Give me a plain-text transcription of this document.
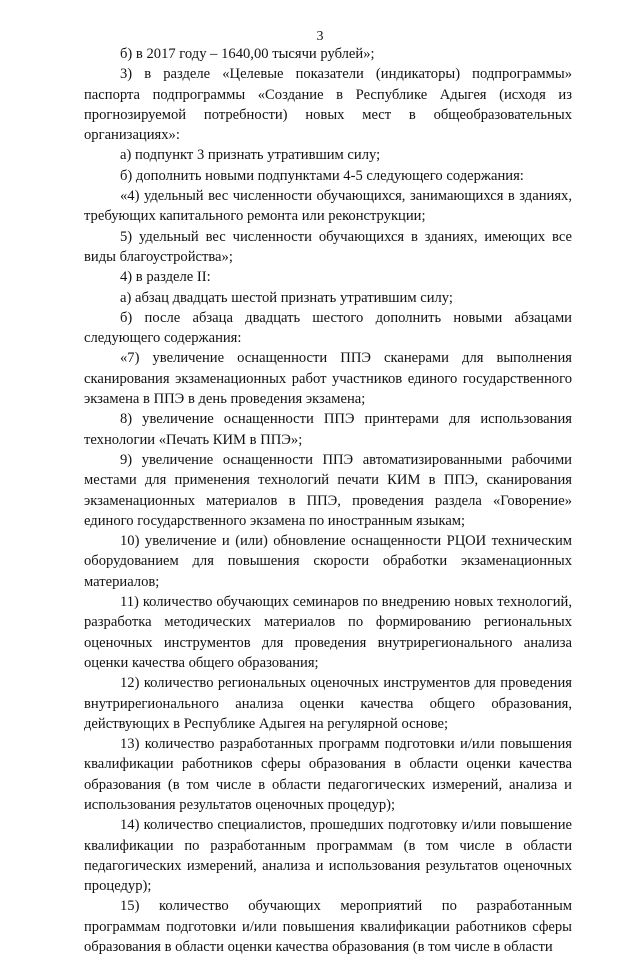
3

б) в 2017 году – 1640,00 тысячи рублей»;

3) в разделе «Целевые показатели (индикаторы) подпрограммы» паспорта подпрограммы «Создание в Республике Адыгея (исходя из прогнозируемой потребности) новых мест в общеобразовательных организациях»:

а) подпункт 3 признать утратившим силу;

б) дополнить новыми подпунктами 4-5 следующего содержания:

«4) удельный вес численности обучающихся, занимающихся в зданиях, требующих капитального ремонта или реконструкции;

5) удельный вес численности обучающихся в зданиях, имеющих все виды благоустройства»;

4) в разделе II:

а) абзац двадцать шестой признать утратившим силу;

б) после абзаца двадцать шестого дополнить новыми абзацами следующего содержания:

«7) увеличение оснащенности ППЭ сканерами для выполнения сканирования экзаменационных работ участников единого государственного экзамена в ППЭ в день проведения экзамена;

8) увеличение оснащенности ППЭ принтерами для использования технологии «Печать КИМ в ППЭ»;

9) увеличение оснащенности ППЭ автоматизированными рабочими местами для применения технологий печати КИМ в ППЭ, сканирования экзаменационных материалов в ППЭ, проведения раздела «Говорение» единого государственного экзамена по иностранным языкам;

10) увеличение и (или) обновление оснащенности РЦОИ техническим оборудованием для повышения скорости обработки экзаменационных материалов;

11) количество обучающих семинаров по внедрению новых технологий, разработка методических материалов по формированию региональных оценочных инструментов для проведения внутрирегионального анализа оценки качества общего образования;

12) количество региональных оценочных инструментов для проведения внутрирегионального анализа оценки качества общего образования, действующих в Республике Адыгея на регулярной основе;

13) количество разработанных программ подготовки и/или повышения квалификации работников сферы образования в области оценки качества образования (в том числе в области педагогических измерений, анализа и использования результатов оценочных процедур);

14) количество специалистов, прошедших подготовку и/или повышение квалификации по разработанным программам (в том числе в области педагогических измерений, анализа и использования результатов оценочных процедур);

15) количество обучающих мероприятий по разработанным программам подготовки и/или повышения квалификации работников сферы образования в области оценки качества образования (в том числе в области
